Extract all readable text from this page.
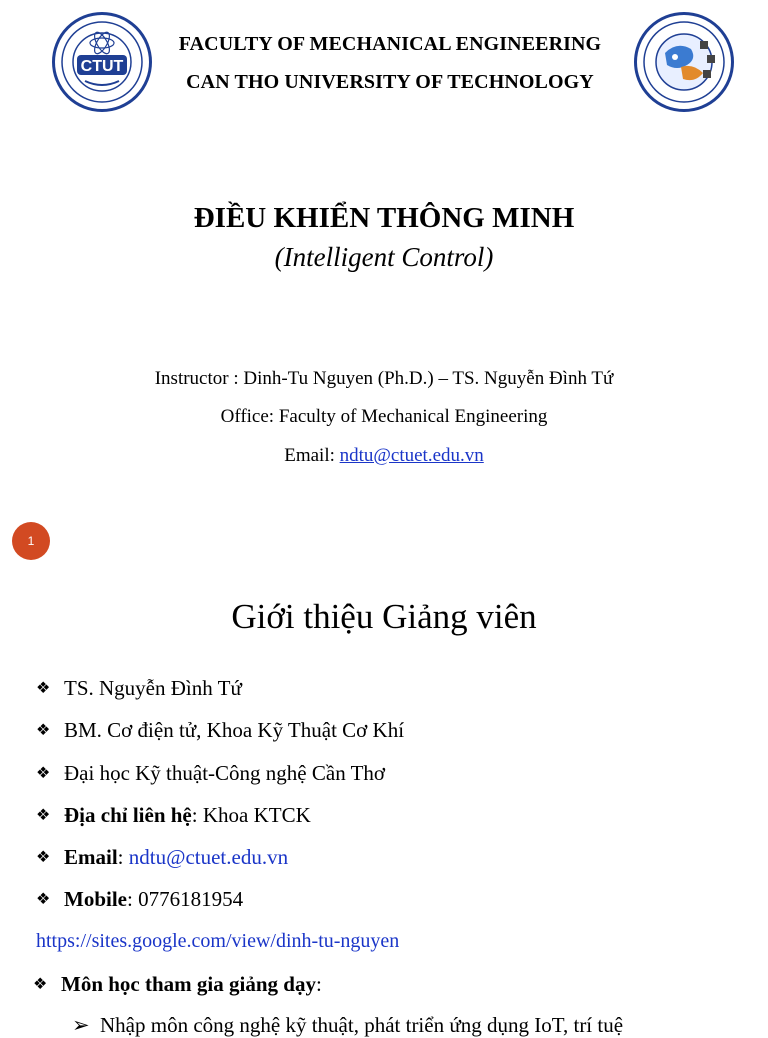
CTUT
FACULTY OF MECHANICAL ENGINEERING
CAN THO UNIVERSITY OF TECHNOLOGY
ĐIỀU KHIỂN THÔNG MINH
(Intelligent Control)
Instructor : Dinh-Tu Nguyen (Ph.D.) – TS. Nguyễn Đình Tứ
Office: Faculty of Mechanical Engineering
Email: ndtu@ctuet.edu.vn
1
Giới thiệu Giảng viên
❖ TS. Nguyễn Đình Tứ
❖ BM. Cơ điện tử, Khoa Kỹ Thuật Cơ Khí
❖ Đại học Kỹ thuật-Công nghệ Cần Thơ
❖ Địa chỉ liên hệ: Khoa KTCK
❖ Email: ndtu@ctuet.edu.vn
❖ Mobile: 0776181954
https://sites.google.com/view/dinh-tu-nguyen
❖ Môn học tham gia giảng dạy:
➢ Nhập môn công nghệ kỹ thuật, phát triển ứng dụng IoT, trí tuệ
